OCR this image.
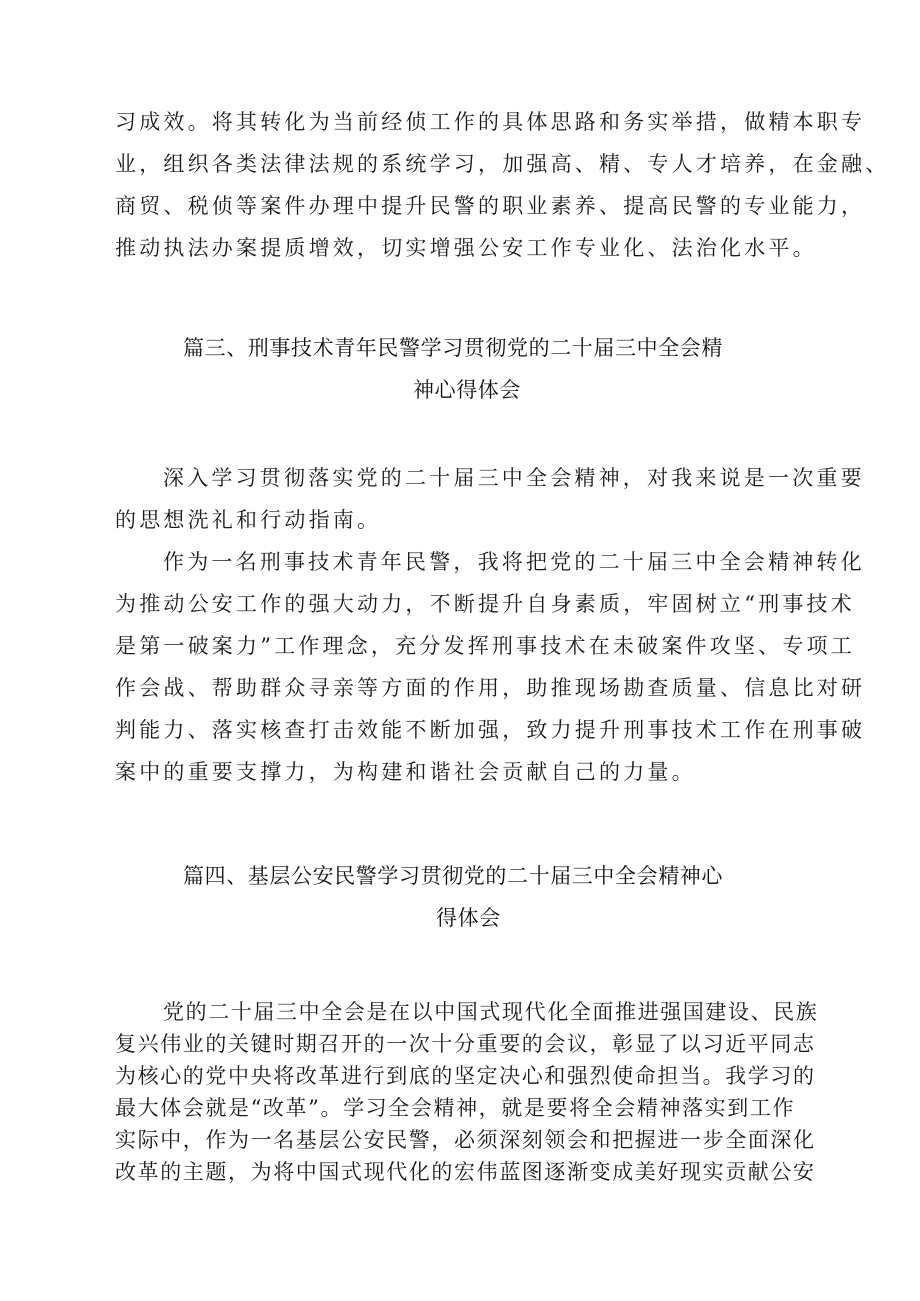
习成效。将其转化为当前经侦工作的具体思路和务实举措，做精本职专
业，组织各类法律法规的系统学习，加强高、精、专人才培养，在金融、
商贸、税侦等案件办理中提升民警的职业素养、提高民警的专业能力，
推动执法办案提质增效，切实增强公安工作专业化、法治化水平。
篇三、刑事技术青年民警学习贯彻党的二十届三中全会精
神心得体会
深入学习贯彻落实党的二十届三中全会精神，对我来说是一次重要
的思想洗礼和行动指南。
作为一名刑事技术青年民警，我将把党的二十届三中全会精神转化
为推动公安工作的强大动力，不断提升自身素质，牢固树立“刑事技术
是第一破案力”工作理念，充分发挥刑事技术在未破案件攻坚、专项工
作会战、帮助群众寻亲等方面的作用，助推现场勘查质量、信息比对研
判能力、落实核查打击效能不断加强，致力提升刑事技术工作在刑事破
案中的重要支撑力，为构建和谐社会贡献自己的力量。
篇四、基层公安民警学习贯彻党的二十届三中全会精神心
得体会
党的二十届三中全会是在以中国式现代化全面推进强国建设、民族
复兴伟业的关键时期召开的一次十分重要的会议，彰显了以习近平同志
为核心的党中央将改革进行到底的坚定决心和强烈使命担当。我学习的
最大体会就是“改革”。学习全会精神，就是要将全会精神落实到工作
实际中，作为一名基层公安民警，必须深刻领会和把握进一步全面深化
改革的主题，为将中国式现代化的宏伟蓝图逐渐变成美好现实贡献公安
